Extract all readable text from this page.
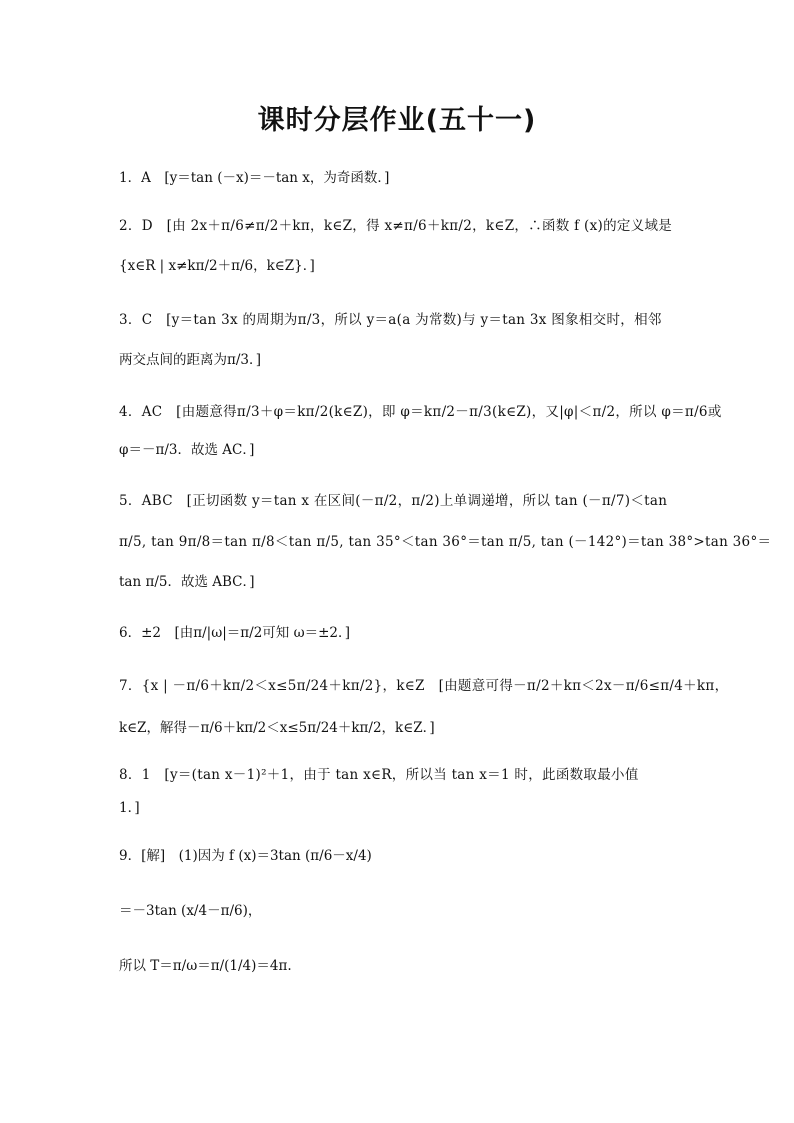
课时分层作业(五十一)
1．A　[y＝tan (－x)＝－tan x，为奇函数．]
2．D　[由 2x＋π/6≠π/2＋kπ，k∈Z，得 x≠π/6＋kπ/2，k∈Z，∴函数 f (x)的定义域是
{x∈R | x≠kπ/2＋π/6，k∈Z}．]
3．C　[y＝tan 3x 的周期为π/3，所以 y＝a(a 为常数)与 y＝tan 3x 图象相交时，相邻
两交点间的距离为π/3．]
4．AC　[由题意得π/3＋φ＝kπ/2(k∈Z)，即 φ＝kπ/2－π/3(k∈Z)，又|φ|＜π/2，所以 φ＝π/6或
φ＝－π/3．故选 AC．]
5．ABC　[正切函数 y＝tan x 在区间(－π/2，π/2)上单调递增，所以 tan (－π/7)＜tan
π/5, tan 9π/8＝tan π/8＜tan π/5, tan 35°＜tan 36°＝tan π/5, tan (－142°)＝tan 38°>tan 36°＝
tan π/5．故选 ABC．]
6．±2　[由π/|ω|＝π/2可知 ω＝±2．]
7．{x | －π/6＋kπ/2＜x≤5π/24＋kπ/2}，k∈Z　[由题意可得－π/2＋kπ＜2x－π/6≤π/4＋kπ，
k∈Z，解得－π/6＋kπ/2＜x≤5π/24＋kπ/2，k∈Z．]
8．1　[y＝(tan x－1)²＋1，由于 tan x∈R，所以当 tan x＝1 时，此函数取最小值
1．]
9．[解]　(1)因为 f (x)＝3tan (π/6－x/4)
＝－3tan (x/4－π/6)，
所以 T＝π/ω＝π/(1/4)＝4π.
